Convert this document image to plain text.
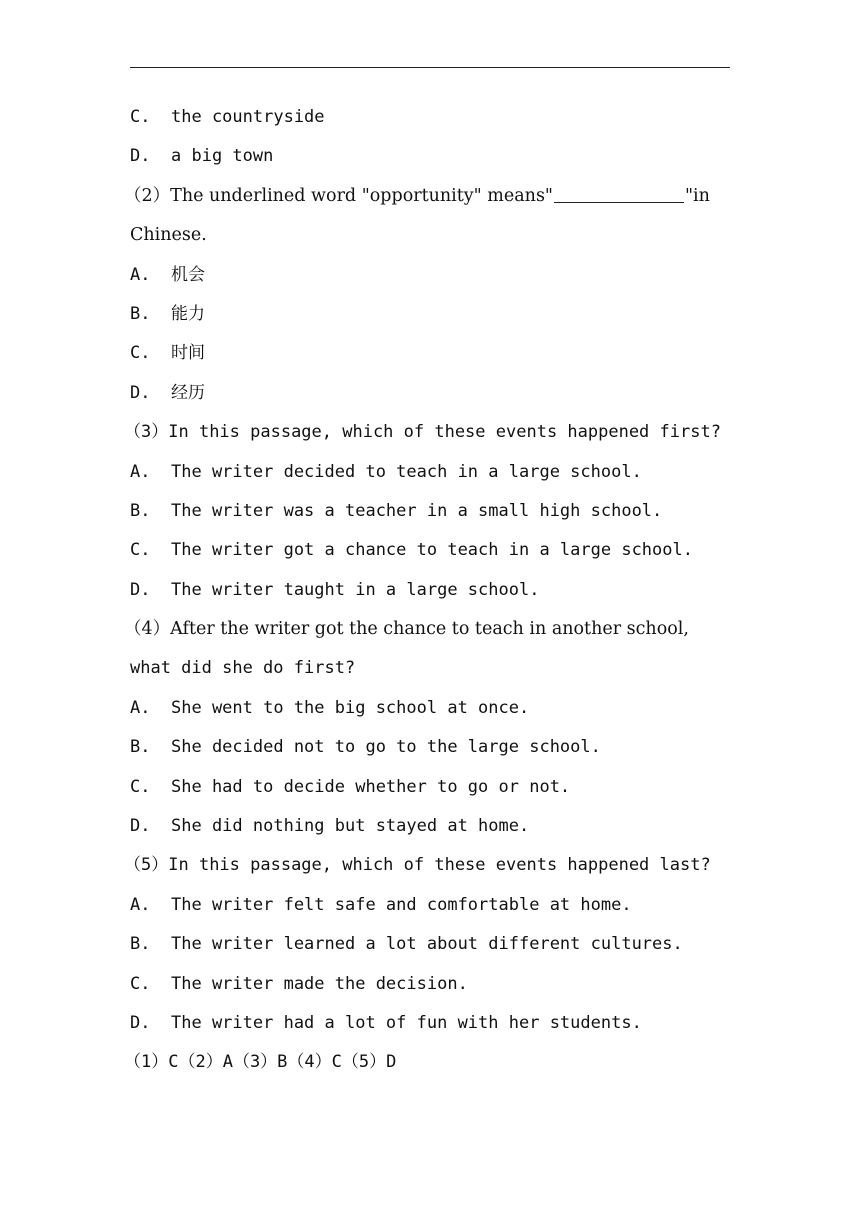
C. the countryside
D. a big town
（2）The underlined word "opportunity" means"	"in
Chinese.
A. 机会
B. 能力
C. 时间
D. 经历
（3）In this passage, which of these events happened first?
A. The writer decided to teach in a large school.
B. The writer was a teacher in a small high school.
C. The writer got a chance to teach in a large school.
D. The writer taught in a large school.
（4）After the writer got the chance to teach in another school,
what did she do first?
A. She went to the big school at once.
B. She decided not to go to the large school.
C. She had to decide whether to go or not.
D. She did nothing but stayed at home.
（5）In this passage, which of these events happened last?
A. The writer felt safe and comfortable at home.
B. The writer learned a lot about different cultures.
C. The writer made the decision.
D. The writer had a lot of fun with her students.
（1）C（2）A（3）B（4）C（5）D
